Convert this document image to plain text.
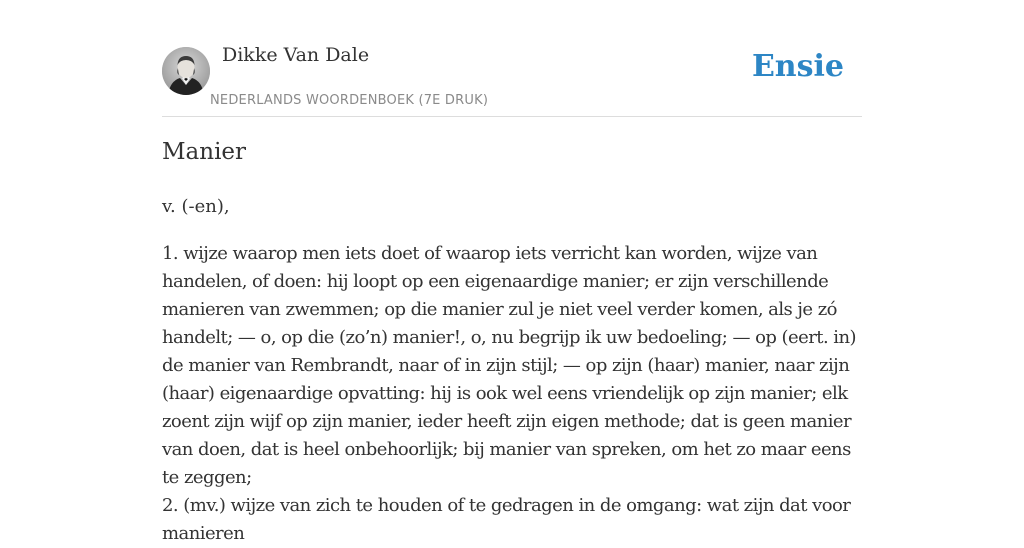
Dikke Van Dale
NEDERLANDS WOORDENBOEK (7E DRUK)
Ensie
Manier

v. (-en),

1. wijze waarop men iets doet of waarop iets verricht kan worden, wijze van handelen, of doen: hij loopt op een eigenaardige manier; er zijn verschillende manieren van zwemmen; op die manier zul je niet veel verder komen, als je zó handelt; — o, op die (zo’n) manier!, o, nu begrijp ik uw bedoeling; — op (eert. in) de manier van Rembrandt, naar of in zijn stijl; — op zijn (haar) manier, naar zijn (haar) eigenaardige opvatting: hij is ook wel eens vriendelijk op zijn manier; elk zoent zijn wijf op zijn manier, ieder heeft zijn eigen methode; dat is geen manier van doen, dat is heel onbehoorlijk; bij manier van spreken, om het zo maar eens te zeggen;
2. (mv.) wijze van zich te houden of te gedragen in de omgang: wat zijn dat voor manieren
